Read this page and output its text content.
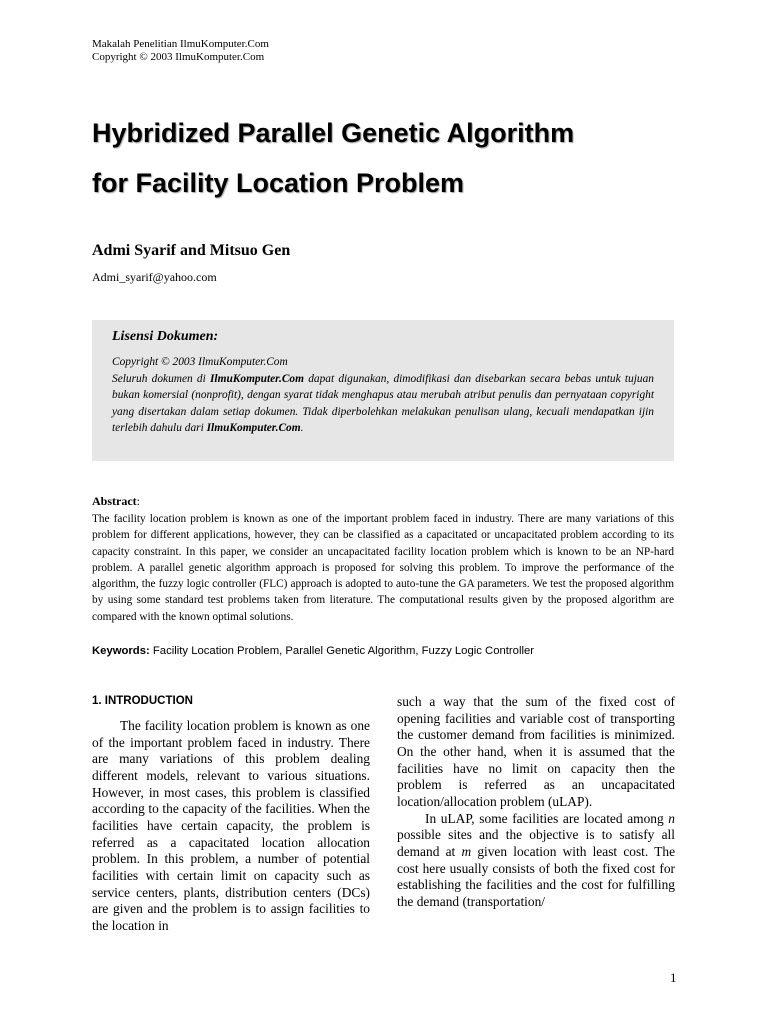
Makalah Penelitian IlmuKomputer.Com
Copyright © 2003 IlmuKomputer.Com
Hybridized Parallel Genetic Algorithm
for Facility Location Problem
Admi Syarif and Mitsuo Gen
Admi_syarif@yahoo.com
Lisensi Dokumen:
Copyright © 2003 IlmuKomputer.Com
Seluruh dokumen di IlmuKomputer.Com dapat digunakan, dimodifikasi dan disebarkan secara bebas untuk tujuan bukan komersial (nonprofit), dengan syarat tidak menghapus atau merubah atribut penulis dan pernyataan copyright yang disertakan dalam setiap dokumen. Tidak diperbolehkan melakukan penulisan ulang, kecuali mendapatkan ijin terlebih dahulu dari IlmuKomputer.Com.
Abstract:

The facility location problem is known as one of the important problem faced in industry. There are many variations of this problem for different applications, however, they can be classified as a capacitated or uncapacitated problem according to its capacity constraint. In this paper, we consider an uncapacitated facility location problem which is known to be an NP-hard problem. A parallel genetic algorithm approach is proposed for solving this problem. To improve the performance of the algorithm, the fuzzy logic controller (FLC) approach is adopted to auto-tune the GA parameters. We test the proposed algorithm by using some standard test problems taken from literature. The computational results given by the proposed algorithm are compared with the known optimal solutions.

Keywords: Facility Location Problem, Parallel Genetic Algorithm, Fuzzy Logic Controller
1. INTRODUCTION

The facility location problem is known as one of the important problem faced in industry. There are many variations of this problem dealing different models, relevant to various situations. However, in most cases, this problem is classified according to the capacity of the facilities. When the facilities have certain capacity, the problem is referred as a capacitated location allocation problem. In this problem, a number of potential facilities with certain limit on capacity such as service centers, plants, distribution centers (DCs) are given and the problem is to assign facilities to the location in

such a way that the sum of the fixed cost of opening facilities and variable cost of transporting the customer demand from facilities is minimized. On the other hand, when it is assumed that the facilities have no limit on capacity then the problem is referred as an uncapacitated location/allocation problem (uLAP).

In uLAP, some facilities are located among n possible sites and the objective is to satisfy all demand at m given location with least cost. The cost here usually consists of both the fixed cost for establishing the facilities and the cost for fulfilling the demand (transportation/

1
